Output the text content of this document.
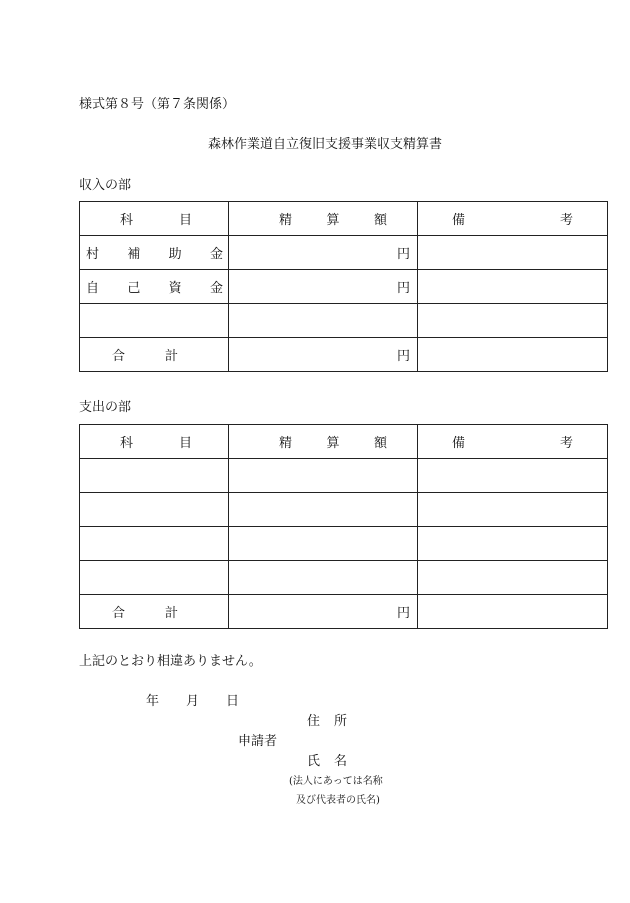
様式第８号（第７条関係）
森林作業道自立復旧支援事業収支精算書
収入の部
科 目	精 算 額	備 考

村 補 助 金	円	

自 己 資 金	円	

合 計	円	
支出の部
科 目	精 算 額	備 考

合 計	円	
上記のとおり相違ありません。
年 月 日
住 所
申請者
氏 名
(法人にあっては名称
及び代表者の氏名)
